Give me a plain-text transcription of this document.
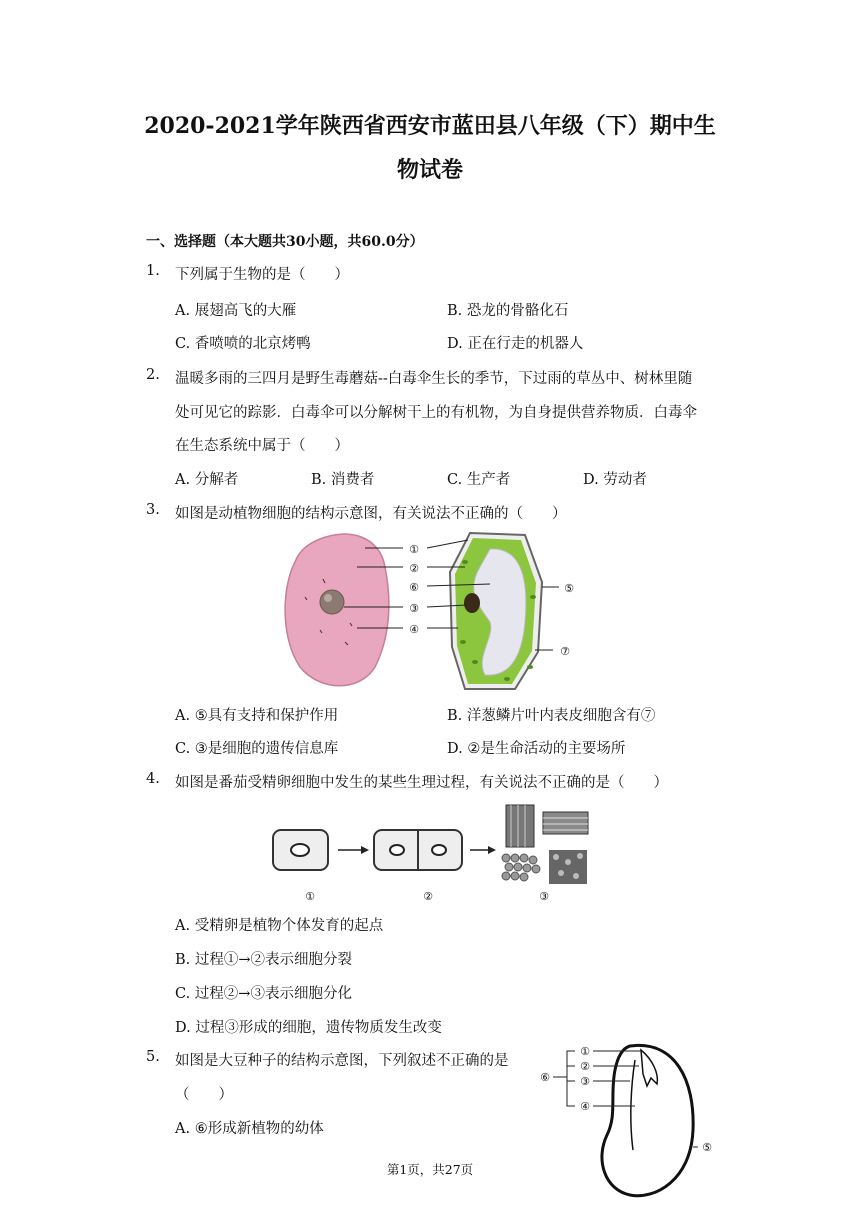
2020-2021学年陕西省西安市蓝田县八年级（下）期中生
物试卷
一、选择题（本大题共30小题，共60.0分）
1.	下列属于生物的是（　　）
A. 展翅高飞的大雁	B. 恐龙的骨骼化石
C. 香喷喷的北京烤鸭	D. 正在行走的机器人
2.	温暖多雨的三四月是野生毒蘑菇--白毒伞生长的季节，下过雨的草丛中、树林里随
处可见它的踪影．白毒伞可以分解树干上的有机物，为自身提供营养物质．白毒伞
在生态系统中属于（　　）
A. 分解者	B. 消费者	C. 生产者	D. 劳动者
3.	如图是动植物细胞的结构示意图，有关说法不正确的（　　）
①
②
⑥
③
④
⑤
⑦
A. ⑤具有支持和保护作用	B. 洋葱鳞片叶内表皮细胞含有⑦
C. ③是细胞的遗传信息库	D. ②是生命活动的主要场所
4.	如图是番茄受精卵细胞中发生的某些生理过程，有关说法不正确的是（　　）
①	②	③
A. 受精卵是植物个体发育的起点
B. 过程①→②表示细胞分裂
C. 过程②→③表示细胞分化
D. 过程③形成的细胞，遗传物质发生改变
5.	如图是大豆种子的结构示意图，下列叙述不正确的是
（　　）
A. ⑥形成新植物的幼体
①
②
③
④
⑤
⑥
第1页，共27页
